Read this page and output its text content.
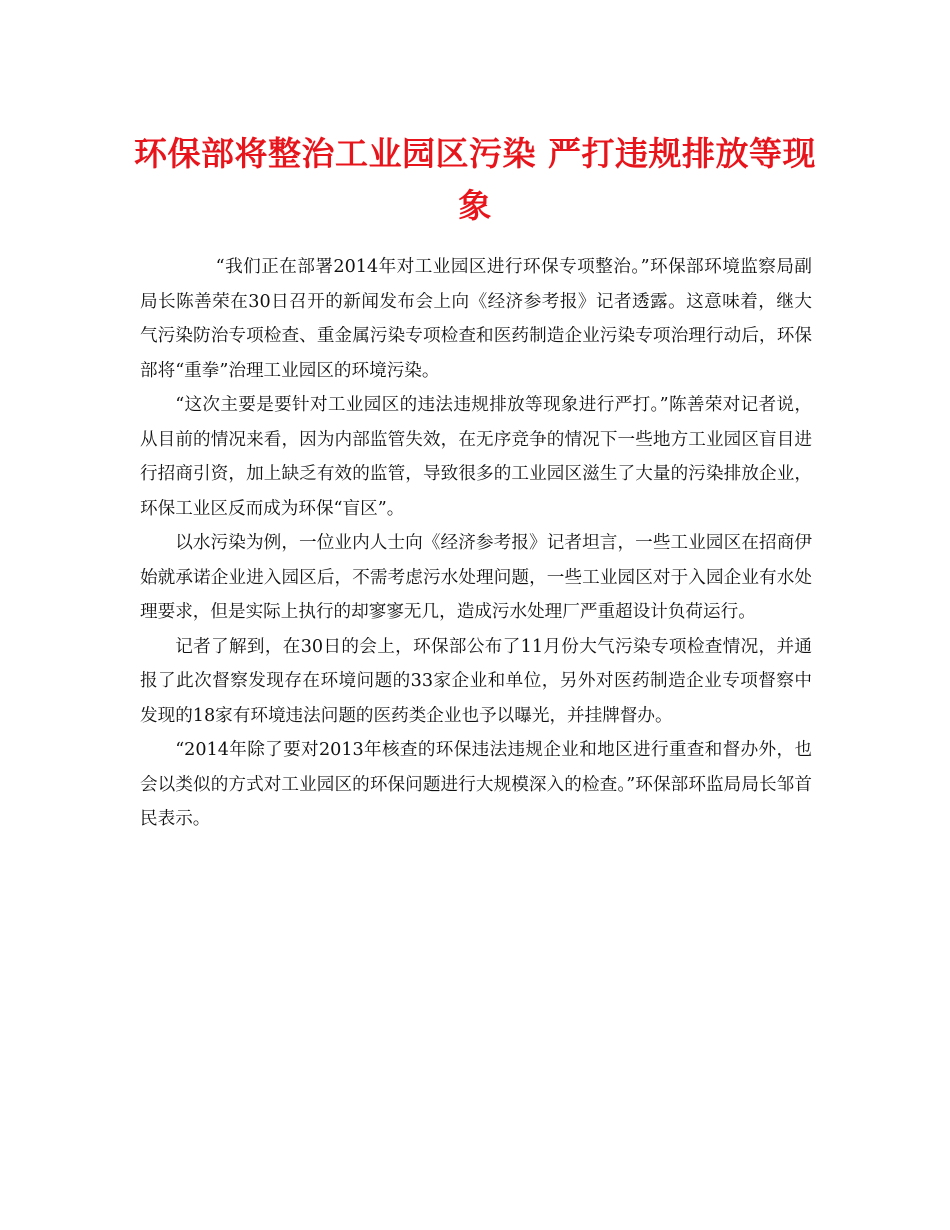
环保部将整治工业园区污染 严打违规排放等现象

“我们正在部署2014年对工业园区进行环保专项整治。”环保部环境监察局副局长陈善荣在30日召开的新闻发布会上向《经济参考报》记者透露。这意味着，继大气污染防治专项检查、重金属污染专项检查和医药制造企业污染专项治理行动后，环保部将“重拳”治理工业园区的环境污染。

“这次主要是要针对工业园区的违法违规排放等现象进行严打。”陈善荣对记者说，从目前的情况来看，因为内部监管失效，在无序竞争的情况下一些地方工业园区盲目进行招商引资，加上缺乏有效的监管，导致很多的工业园区滋生了大量的污染排放企业，环保工业区反而成为环保“盲区”。

以水污染为例，一位业内人士向《经济参考报》记者坦言，一些工业园区在招商伊始就承诺企业进入园区后，不需考虑污水处理问题，一些工业园区对于入园企业有水处理要求，但是实际上执行的却寥寥无几，造成污水处理厂严重超设计负荷运行。

记者了解到，在30日的会上，环保部公布了11月份大气污染专项检查情况，并通报了此次督察发现存在环境问题的33家企业和单位，另外对医药制造企业专项督察中发现的18家有环境违法问题的医药类企业也予以曝光，并挂牌督办。

“2014年除了要对2013年核查的环保违法违规企业和地区进行重查和督办外，也会以类似的方式对工业园区的环保问题进行大规模深入的检查。”环保部环监局局长邹首民表示。
